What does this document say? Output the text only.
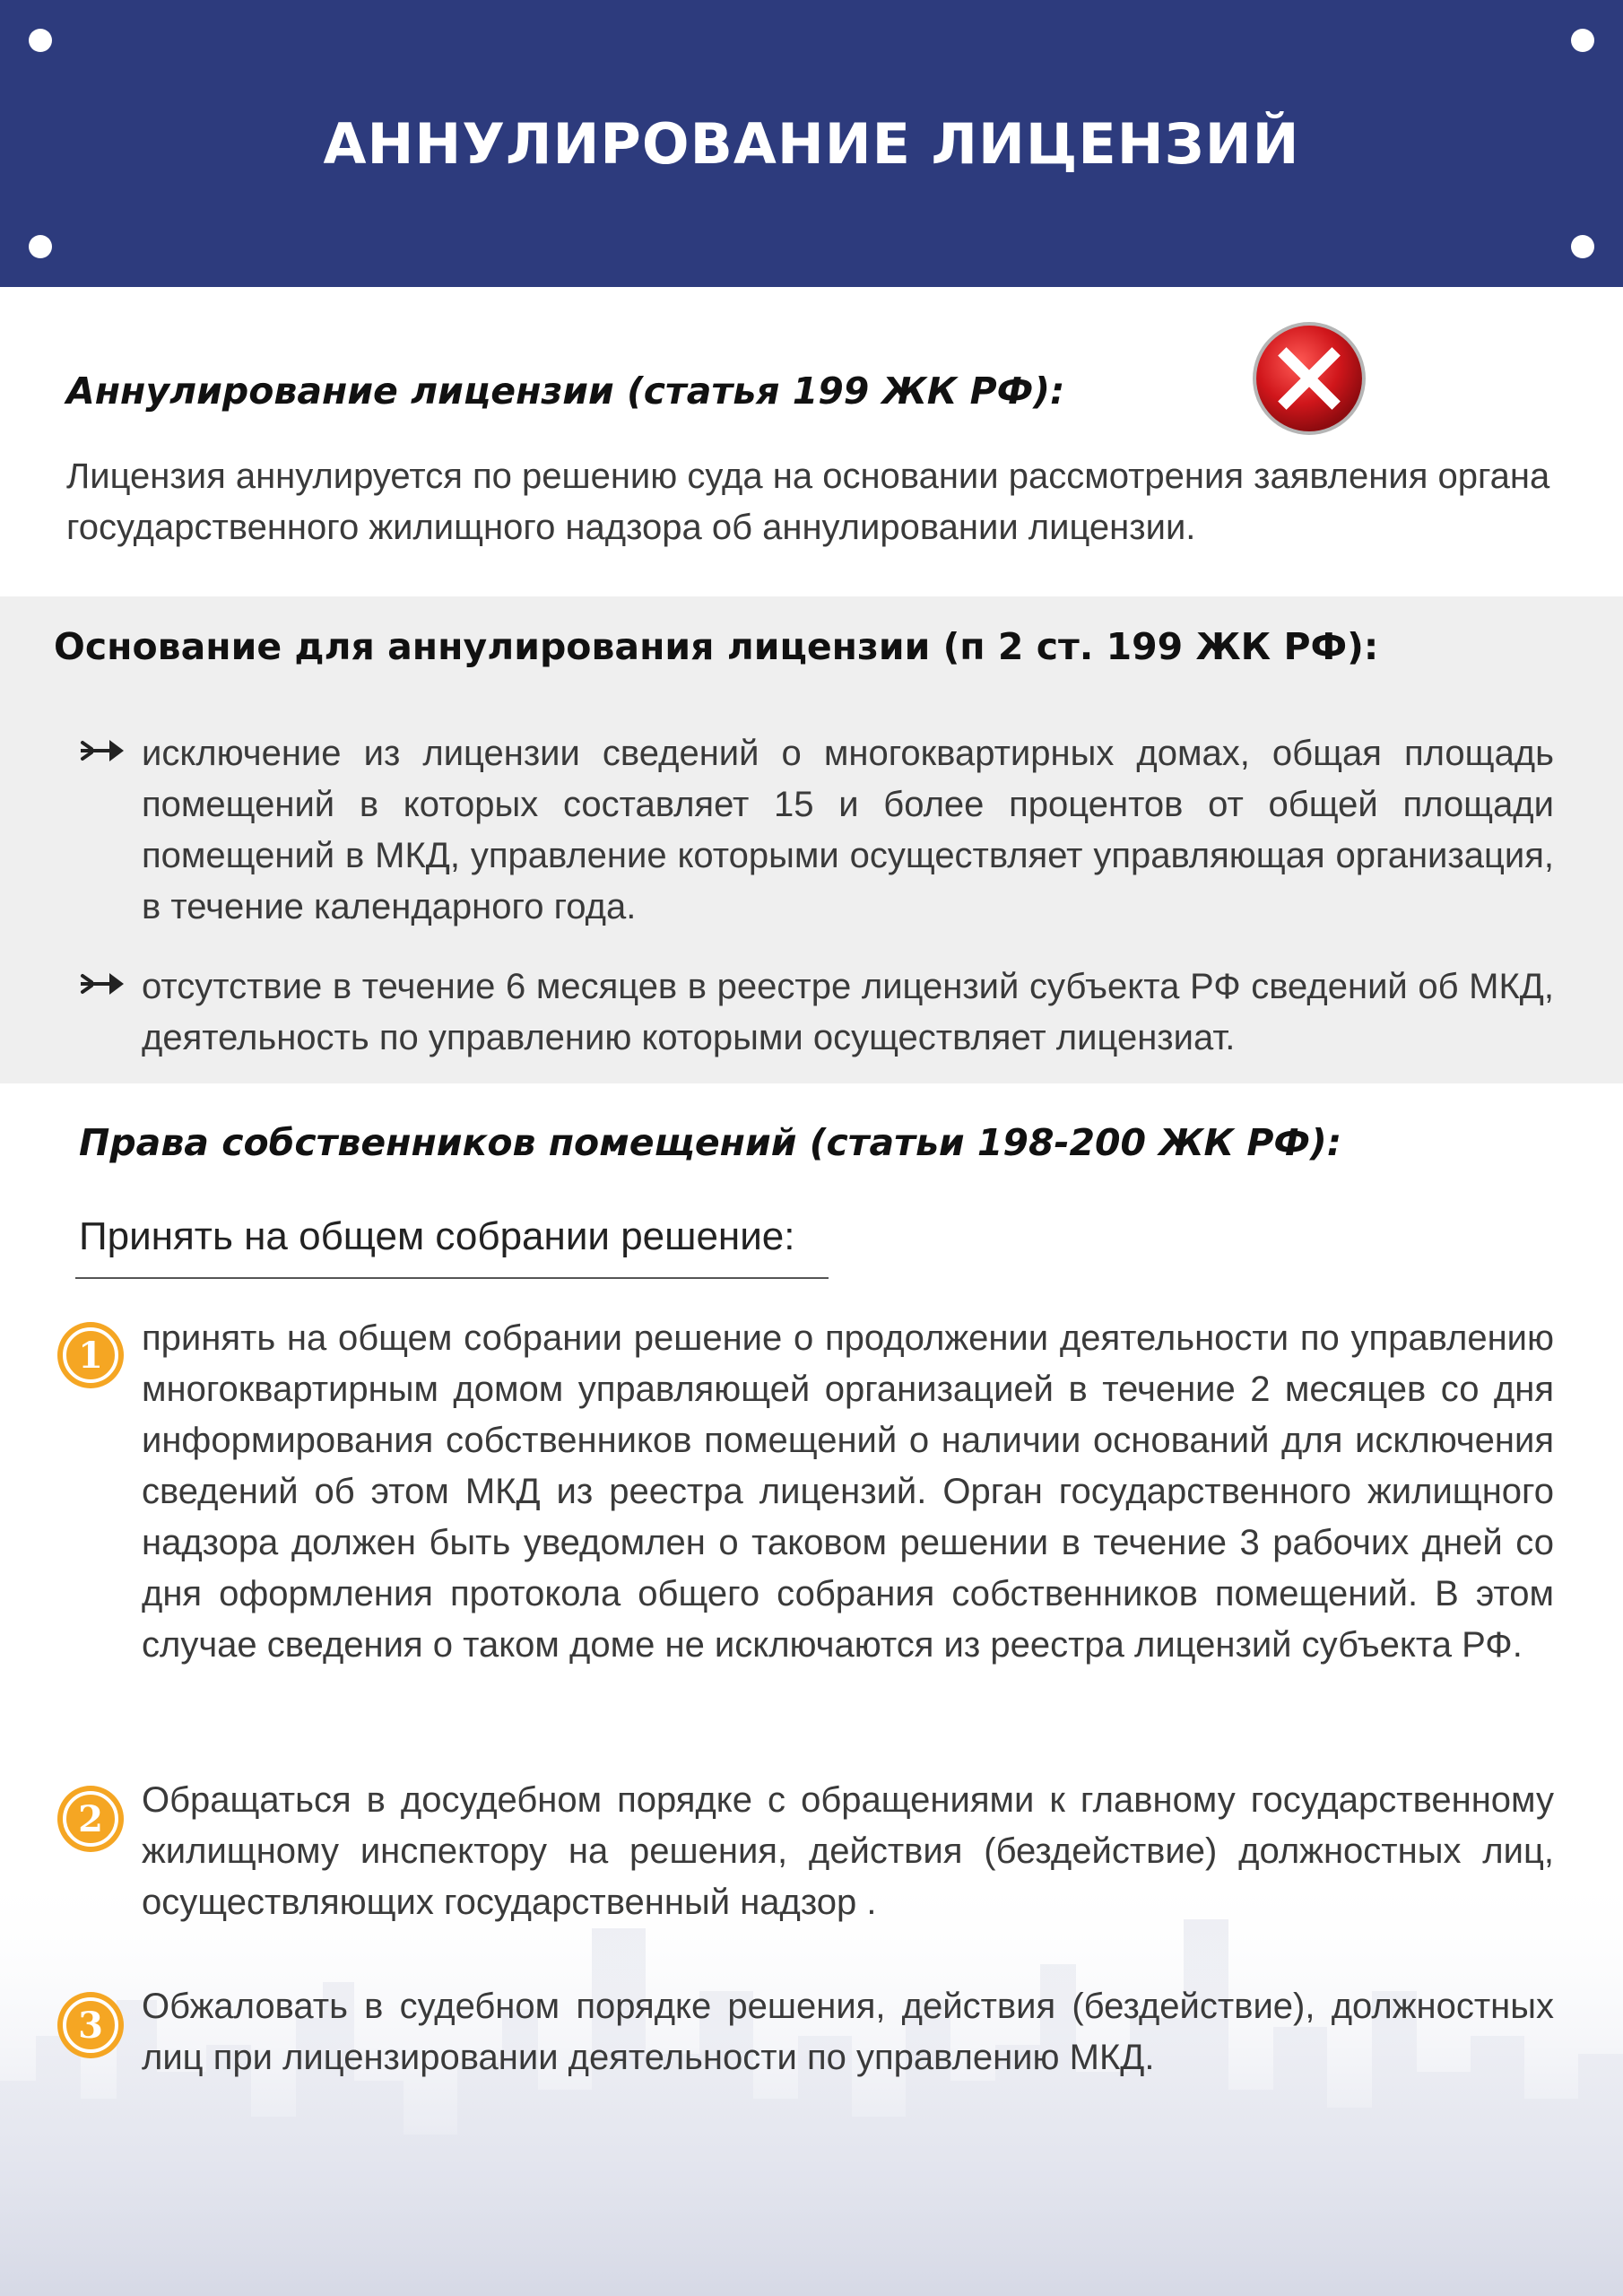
АННУЛИРОВАНИЕ ЛИЦЕНЗИЙ
Аннулирование лицензии (статья 199 ЖК РФ):

Лицензия аннулируется по решению суда на основании рассмотрения заявления органа государственного жилищного надзора об аннулировании лицензии.

Основание для аннулирования лицензии (п 2 ст. 199 ЖК РФ):

исключение из лицензии сведений о многоквартирных домах, общая площадь помещений в которых составляет 15 и более процентов от общей площади помещений в МКД, управление которыми осуществляет управляющая организация, в течение календарного года.

отсутствие в течение 6 месяцев в реестре лицензий субъекта РФ сведений об МКД, деятельность по управлению которыми осуществляет лицензиат.

Права собственников помещений (статьи 198-200 ЖК РФ):

Принять на общем собрании решение:

1 принять на общем собрании решение о продолжении деятельности по управлению многоквартирным домом управляющей организацией в течение 2 месяцев со дня информирования собственников помещений о наличии оснований для исключения сведений об этом МКД из реестра лицензий. Орган государственного жилищного надзора должен быть уведомлен о таковом решении в течение 3 рабочих дней со дня оформления протокола общего собрания собственников помещений. В этом случае сведения о таком доме не исключаются из реестра лицензий субъекта РФ.

2 Обращаться в досудебном порядке с обращениями к главному государственному жилищному инспектору на решения, действия (бездействие) должностных лиц, осуществляющих государственный надзор .

3 Обжаловать в судебном порядке решения, действия (бездействие), должностных лиц при лицензировании деятельности по управлению МКД.
